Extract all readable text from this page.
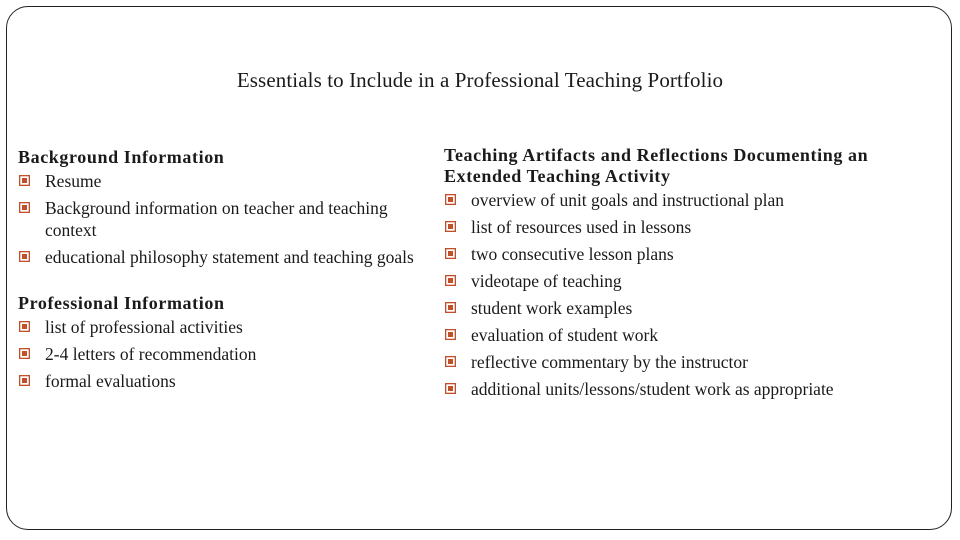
Essentials to Include in a Professional Teaching Portfolio
Background Information
Resume
Background information on teacher and teaching context
educational philosophy statement and teaching goals
Professional Information
list of professional activities
2-4 letters of recommendation
formal evaluations
Teaching Artifacts and Reflections Documenting an Extended Teaching Activity
overview of unit goals and instructional plan
list of resources used in lessons
two consecutive lesson plans
videotape of teaching
student work examples
evaluation of student work
reflective commentary by the instructor
additional units/lessons/student work as appropriate
